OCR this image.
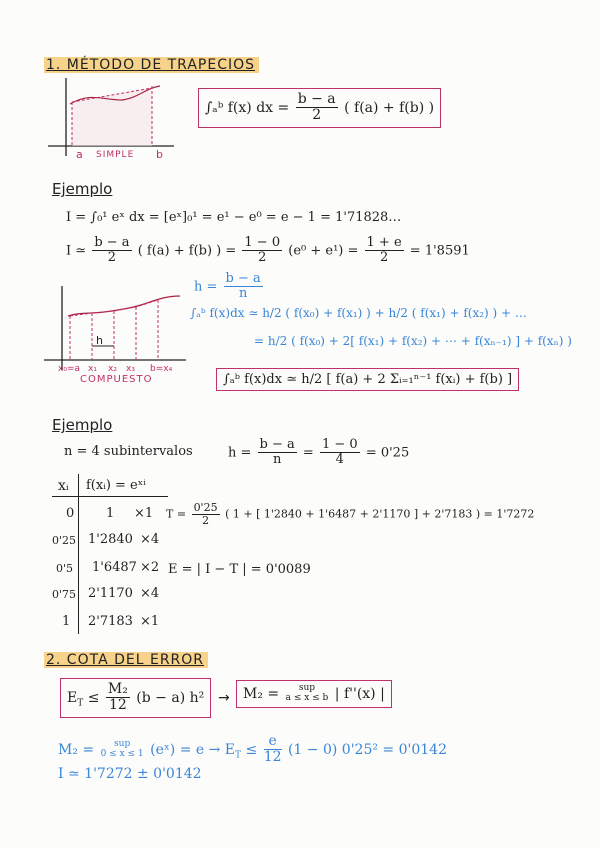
1. MÉTODO DE TRAPECIOS
a SIMPLE b
∫ₐᵇ f(x) dx = $\frac{b - a}{2}$ ( f(a) + f(b) )
Ejemplo
I = ∫₀¹ eˣ dx = [eˣ]₀¹ = e¹ − e⁰ = e − 1 = 1'71828…
I ≃ $\frac{b - a}{2}$ ( f(a) + f(b) ) = $\frac{1 - 0}{2} (e^0 + e^1) = \frac{1 + e}{2} = 1'8591$
h
x₀=a x₁ x₂ x₃ b=x₄
COMPUESTO
$h = \frac{b - a}{n}$
∫ₐᵇ f(x)dx ≃ h/2 ( f(x₀) + f(x₁) ) + h/2 ( f(x₁) + f(x₂) ) + …
= h/2 ( f(x₀) + 2[ f(x₁) + f(x₂) + ⋯ + f(xₙ₋₁) ] + f(xₙ) )
∫ₐᵇ f(x)dx ≃ h/2 [ f(a) + 2 Σᵢ₌₁ⁿ⁻¹ f(xᵢ) + f(b) ]
Ejemplo
n = 4 subintervalos	$h = \frac{b - a}{n} = \frac{1 - 0}{4} = 0'25$
xᵢ f(xᵢ) = eˣⁱ
0 1 ×1
0'25 1'2840 ×4
0'5 1'6487 ×2
0'75 2'1170 ×4
1 2'7183 ×1
$T = \frac{0'25}{2}$ ( 1 + [ 1'2840 + 1'6487 + 2'1170 ] + 2'7183 ) = 1'7272
E = | I − T | = 0'0089
2. COTA DEL ERROR
$E_T \le \frac{\text{M₂}}{12} (b - a) h^2 \to M_2$ =	sup
a ≤ x ≤ b | f''(x) |
M₂ =	sup
0 ≤ x ≤ 1 (eˣ) = $e \to E_T \le \frac{e}{12} (1 - 0) 0'25^2 = 0'0142$
I ≃ 1'7272 ± 0'0142
